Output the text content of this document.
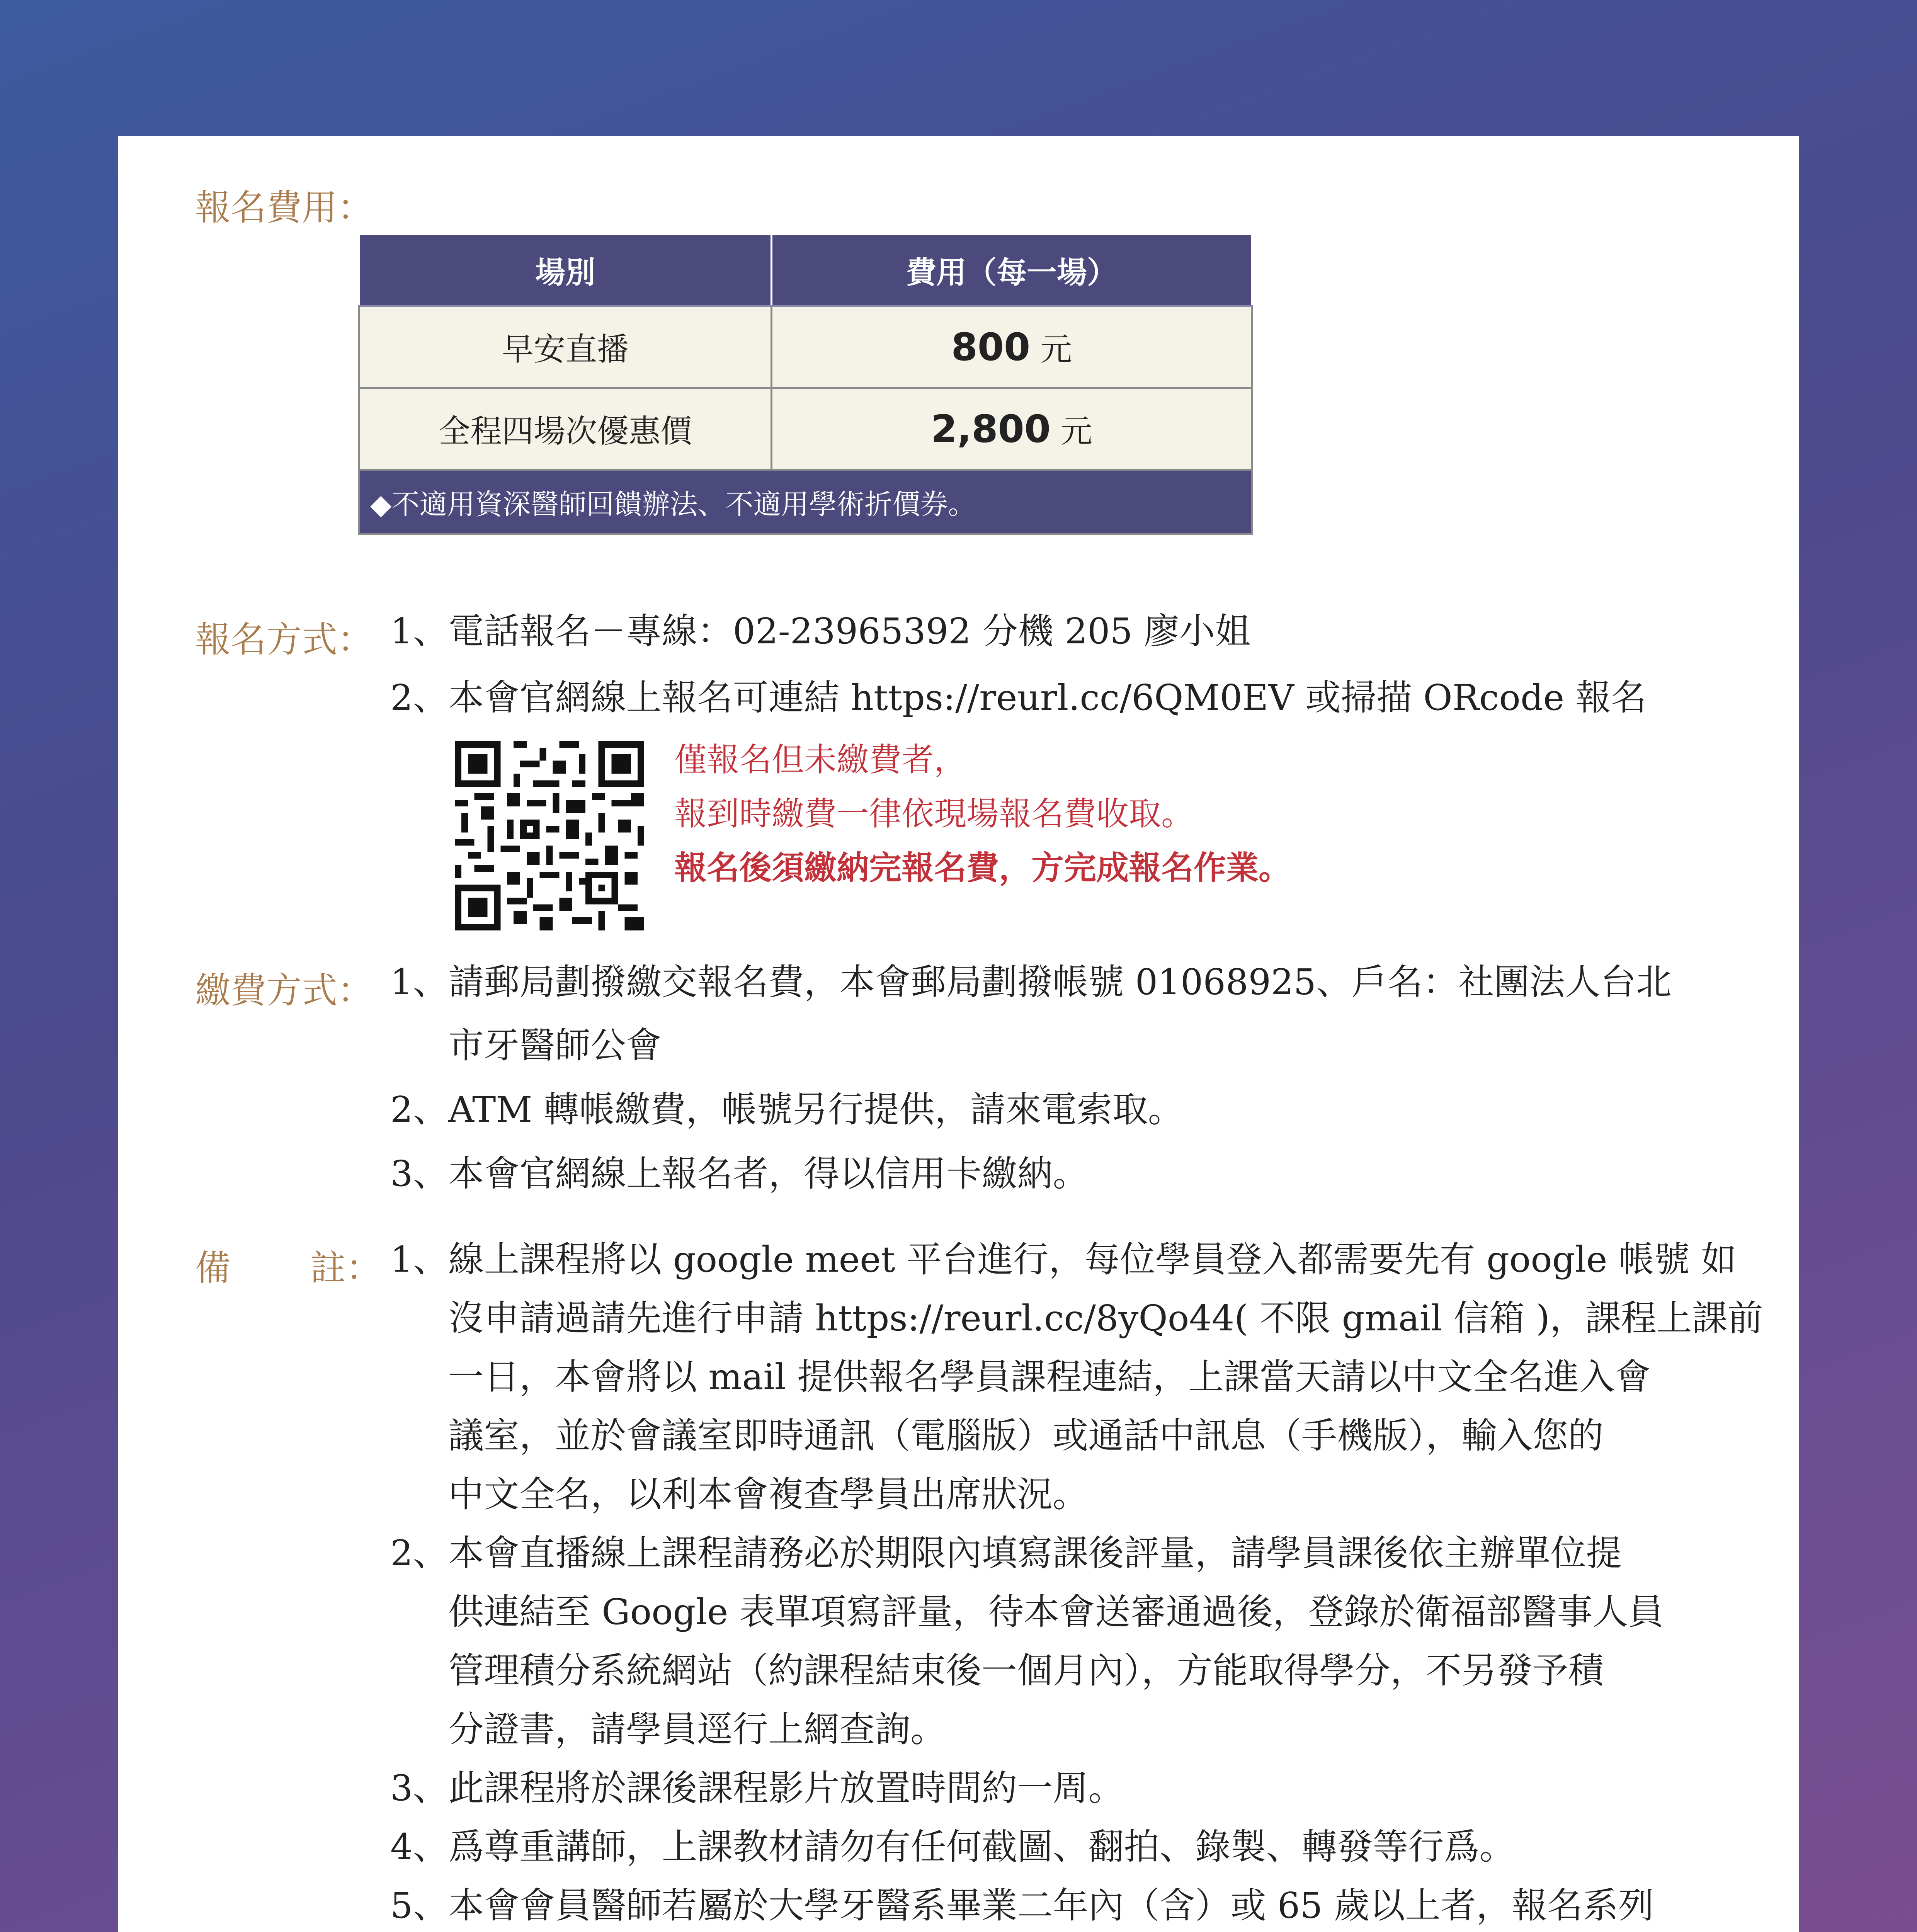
報名費用：
場別	費用（每一場）
早安直播	800 元
全程四場次優惠價	2,800 元
◆不適用資深醫師回饋辦法、不適用學術折價券。	
報名方式： 1、電話報名－專線：02-23965392 分機 205 廖小姐
2、本會官網線上報名可連結 https://reurl.cc/6QM0EV 或掃描 ORcode 報名
僅報名但未繳費者，
報到時繳費一律依現場報名費收取。
報名後須繳納完報名費，方完成報名作業。
繳費方式： 1、請郵局劃撥繳交報名費，本會郵局劃撥帳號 01068925、戶名：社團法人台北
市牙醫師公會
2、ATM 轉帳繳費，帳號另行提供，請來電索取。
3、本會官網線上報名者，得以信用卡繳納。
備 註： 1、線上課程將以 google meet 平台進行，每位學員登入都需要先有 google 帳號 如
沒申請過請先進行申請 https://reurl.cc/8yQo44( 不限 gmail 信箱 )，課程上課前
一日，本會將以 mail 提供報名學員課程連結，上課當天請以中文全名進入會
議室，並於會議室即時通訊（電腦版）或通話中訊息（手機版），輸入您的
中文全名，以利本會複查學員出席狀況。
2、本會直播線上課程請務必於期限內填寫課後評量，請學員課後依主辦單位提
供連結至 Google 表單項寫評量，待本會送審通過後，登錄於衛福部醫事人員
管理積分系統網站（約課程結束後一個月內），方能取得學分，不另發予積
分證書，請學員逕行上網查詢。
3、此課程將於課後課程影片放置時間約一周。
4、爲尊重講師，上課教材請勿有任何截圖、翻拍、錄製、轉發等行爲。
5、本會會員醫師若屬於大學牙醫系畢業二年內（含）或 65 歲以上者，報名系列
